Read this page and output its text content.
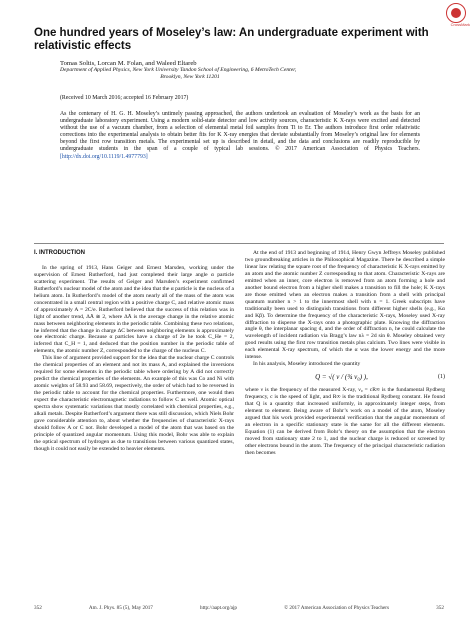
CrossMark
One hundred years of Moseley’s law: An undergraduate experiment with relativistic effects
Tomas Soltis, Lorcan M. Folan, and Waleed Eltareb
Department of Applied Physics, New York University Tandon School of Engineering, 6 MetroTech Center,
Brooklyn, New York 11201
(Received 10 March 2016; accepted 16 February 2017)
As the centenary of H. G. H. Moseley’s untimely passing approached, the authors undertook an evaluation of Moseley’s work as the basis for an undergraduate laboratory experiment. Using a modern solid-state detector and low activity sources, characteristic K X-rays were excited and detected without the use of a vacuum chamber, from a selection of elemental metal foil samples from Ti to Er. The authors introduce first order relativistic corrections into the experimental analysis to obtain better fits for K X-ray energies that deviate substantially from Moseley’s original law for elements beyond the first row transition metals. The experimental set up is described in detail, and the data and conclusions are readily reproducible by undergraduate students in the span of a couple of typical lab sessions. © 2017 American Association of Physics Teachers. [http://dx.doi.org/10.1119/1.4977793]
I. INTRODUCTION

In the spring of 1913, Hans Geiger and Ernest Marsden, working under the supervision of Ernest Rutherford, had just completed their large angle α particle scattering experiment. The results of Geiger and Marsden’s experiment confirmed Rutherford’s nuclear model of the atom and the idea that the α particle is the nucleus of a helium atom. In Rutherford’s model of the atom nearly all of the mass of the atom was concentrated in a small central region with a positive charge C, and relative atomic mass of approximately A = 2C/e. Rutherford believed that the success of this relation was in light of another trend, ΔĀ ≅ 2, where ΔĀ is the average change in the relative atomic mass between neighboring elements in the periodic table. Combining these two relations, he inferred that the change in charge ΔC between neighboring elements is approximately one electronic charge. Because α particles have a charge of 2e he took C_He = 2, inferred that C_H = 1, and deduced that the position number in the periodic table of elements, the atomic number Z, corresponded to the charge of the nucleus C.

This line of argument provided support for the idea that the nuclear charge C controls the chemical properties of an element and not its mass A, and explained the inversions required for some elements in the periodic table where ordering by A did not correctly predict the chemical properties of the elements. An example of this was Co and Ni with atomic weights of 58.93 and 58.69, respectively, the order of which had to be reversed in the periodic table to account for the chemical properties. Furthermore, one would then expect the characteristic electromagnetic radiations to follow C as well. Atomic optical spectra show systematic variations that mostly correlated with chemical properties, e.g., alkali metals. Despite Rutherford’s argument there was still discussion, which Niels Bohr gave considerable attention to, about whether the frequencies of characteristic X-rays should follow A or C not. Bohr developed a model of the atom that was based on the principle of quantized angular momentum. Using this model, Bohr was able to explain the optical spectrum of hydrogen as due to transitions between various quantized states, though it could not easily be extended to heavier elements.

At the end of 1913 and beginning of 1914, Henry Gwyn Jeffreys Moseley published two groundbreaking articles in the Philosophical Magazine. There he described a simple linear law relating the square root of the frequency of characteristic K X-rays emitted by an atom and the atomic number Z corresponding to that atom. Characteristic X-rays are emitted when an inner, core electron is removed from an atom forming a hole and another bound electron from a higher shell makes a transition to fill the hole; K X-rays are those emitted when an electron makes a transition from a shell with principal quantum number n > 1 to the innermost shell with n = 1. Greek subscripts have traditionally been used to distinguish transitions from different higher shells (e.g., Kα and Kβ). To determine the frequency of the characteristic X-rays, Moseley used X-ray diffraction to disperse the X-rays onto a photographic plate. Knowing the diffraction angle θ, the interplanar spacing d, and the order of diffraction n, he could calculate the wavelength of incident radiation via Bragg’s law nλ = 2d sin θ. Moseley obtained very good results using the first row transition metals plus calcium. Two lines were visible in each elemental X-ray spectrum, of which the α was the lower energy and the more intense.

In his analysis, Moseley introduced the quantity

Q = √( ν / (¾ ν₀) ),	(1)

where ν is the frequency of the measured X-ray, ν₀ = cR∞ is the fundamental Rydberg frequency, c is the speed of light, and R∞ is the traditional Rydberg constant. He found that Q is a quantity that increased uniformly, in approximately integer steps, from element to element. Being aware of Bohr’s work on a model of the atom, Moseley argued that his work provided experimental verification that the angular momentum of an electron in a specific stationary state is the same for all the different elements. Equation (1) can be derived from Bohr’s theory on the assumption that the electron moved from stationary state 2 to 1, and the nuclear charge is reduced or screened by other electrons bound in the atom. The frequency of the principal characteristic radiation then becomes

352	Am. J. Phys. 85 (5), May 2017	http://aapt.org/ajp	© 2017 American Association of Physics Teachers	352
